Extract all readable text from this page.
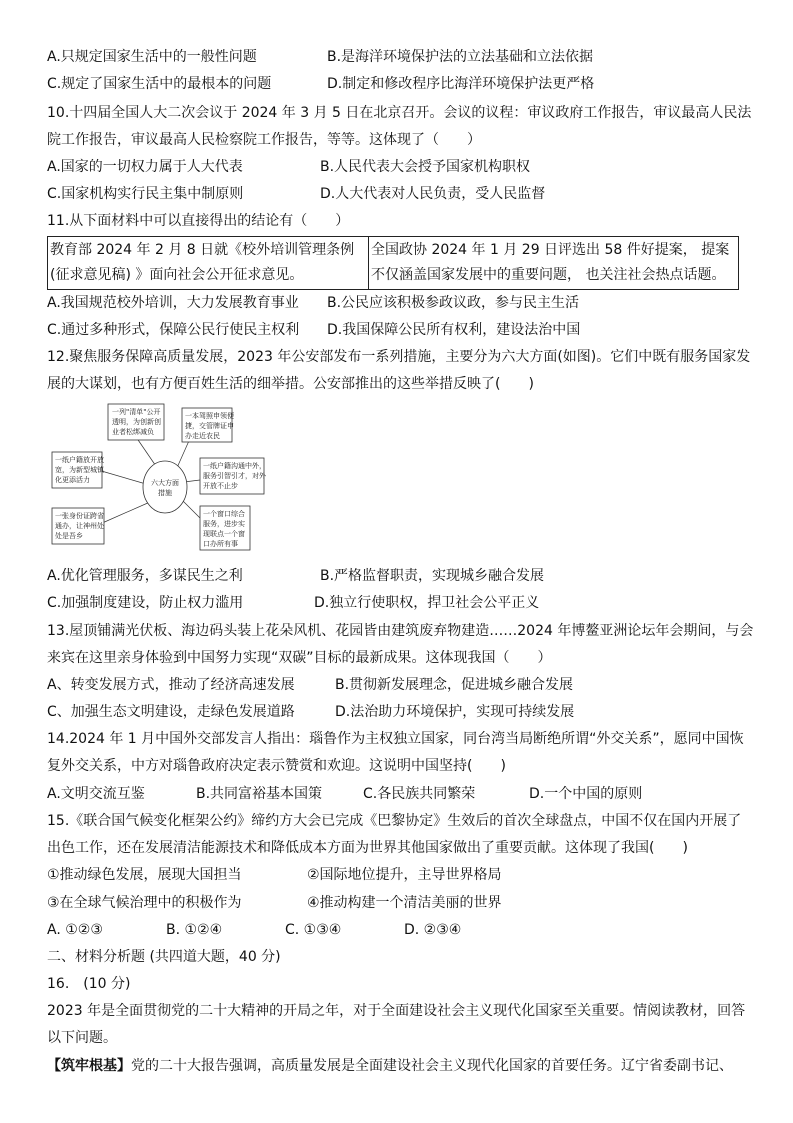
A.只规定国家生活中的一般性问题	B.是海洋环境保护法的立法基础和立法依据
C.规定了国家生活中的最根本的问题	D.制定和修改程序比海洋环境保护法更严格
10.十四届全国人大二次会议于 2024 年 3 月 5 日在北京召开。会议的议程：审议政府工作报告，审议最高人民法
院工作报告，审议最高人民检察院工作报告，等等。这体现了（　　）
A.国家的一切权力属于人大代表	B.人民代表大会授予国家机构职权
C.国家机构实行民主集中制原则	D.人大代表对人民负责，受人民监督
11.从下面材料中可以直接得出的结论有（　　）
教育部 2024 年 2 月 8 日就《校外培训管理条例(征求意见稿) 》面向社会公开征求意见。	全国政协 2024 年 1 月 29 日评选出 58 件好提案， 提案不仅涵盖国家发展中的重要问题， 也关注社会热点话题。
A.我国规范校外培训，大力发展教育事业 B.公民应该积极参政议政，参与民主生活
C.通过多种形式，保障公民行使民主权利 D.我国保障公民所有权利，建设法治中国
12.聚焦服务保障高质量发展，2023 年公安部发布一系列措施，主要分为六大方面(如图)。它们中既有服务国家发
展的大谋划，也有方便百姓生活的细举措。公安部推出的这些举措反映了(　　)
六大方面
措施
一列"清单"公开
透明，为创新创
业者松绑减负
一本驾照申领便
捷，交管牌证申
办走近农民
一纸户籍沟通中外，
服务引智引才，对外
开放不止步
一个窗口综合
服务，进步实
现联点一个窗
口办所有事
一张身份证跨省
通办，让神州处
处是吾乡
一纸户籍放开放
宽，为新型城镇
化更添活力
A.优化管理服务，多谋民生之利	B.严格监督职责，实现城乡融合发展
C.加强制度建设，防止权力滥用	D.独立行使职权，捍卫社会公平正义
13.屋顶铺满光伏板、海边码头装上花朵风机、花园皆由建筑废弃物建造……2024 年博鳌亚洲论坛年会期间，与会
来宾在这里亲身体验到中国努力实现“双碳”目标的最新成果。这体现我国（　　）
A、转变发展方式，推动了经济高速发展	B.贯彻新发展理念，促进城乡融合发展
C、加强生态文明建设，走绿色发展道路	D.法治助力环境保护，实现可持续发展
14.2024 年 1 月中国外交部发言人指出：瑙鲁作为主权独立国家，同台湾当局断绝所谓“外交关系”，愿同中国恢
复外交关系，中方对瑙鲁政府决定表示赞赏和欢迎。这说明中国坚持(　　)
A.文明交流互鉴	B.共同富裕基本国策	C.各民族共同繁荣	D.一个中国的原则
15.《联合国气候变化框架公约》缔约方大会已完成《巴黎协定》生效后的首次全球盘点，中国不仅在国内开展了
出色工作，还在发展清洁能源技术和降低成本方面为世界其他国家做出了重要贡献。这体现了我国(　　)
①推动绿色发展，展现大国担当	②国际地位提升，主导世界格局
③在全球气候治理中的积极作为	④推动构建一个清洁美丽的世界
A. ①②③	B. ①②④	C. ①③④	D. ②③④
二、材料分析题 (共四道大题，40 分)
16.　(10 分)
2023 年是全面贯彻党的二十大精神的开局之年，对于全面建设社会主义现代化国家至关重要。情阅读教材，回答以下问题。
【筑牢根基】党的二十大报告强调，高质量发展是全面建设社会主义现代化国家的首要任务。辽宁省委副书记、
